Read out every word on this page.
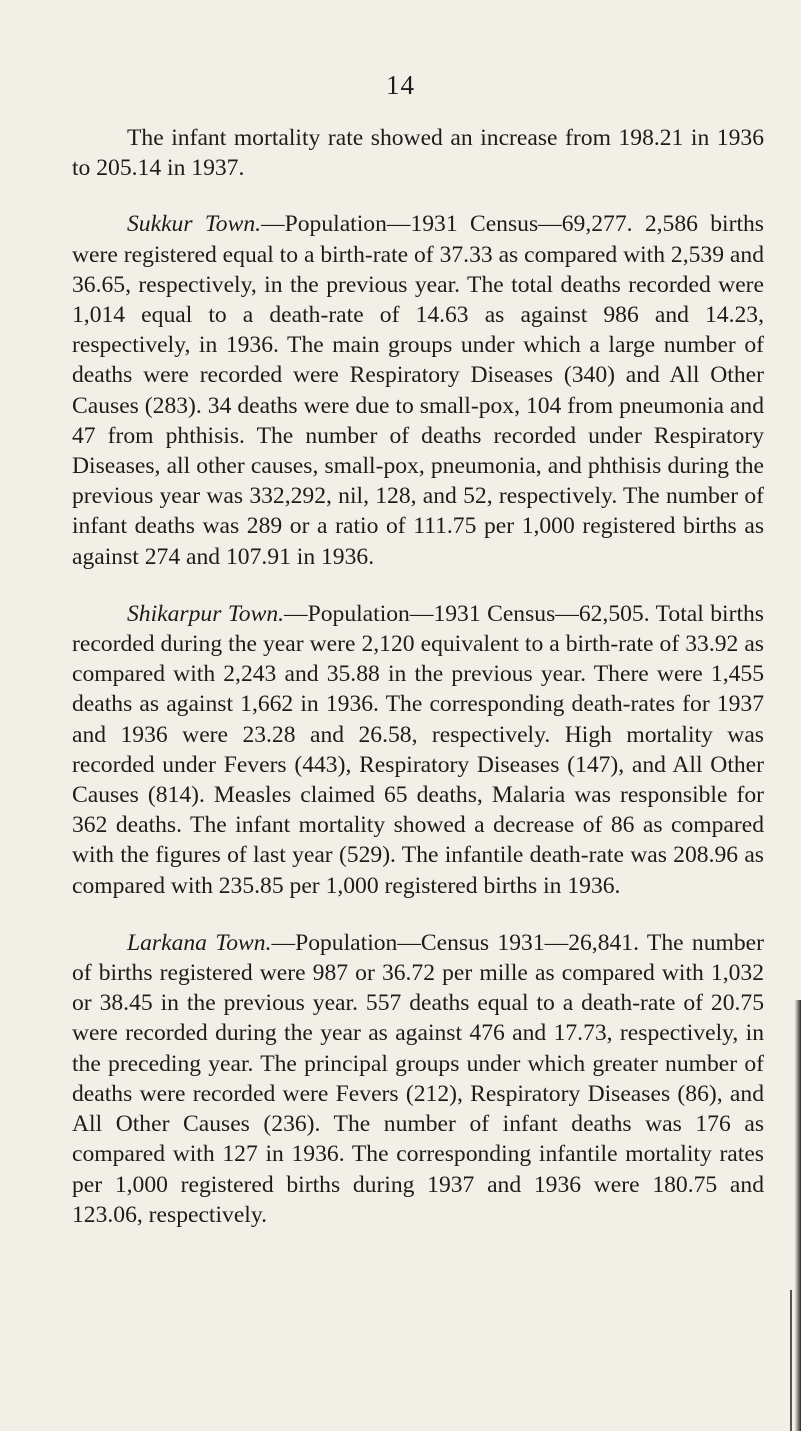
14

The infant mortality rate showed an increase from 198.21 in 1936 to 205.14 in 1937.

Sukkur Town.—Population—1931 Census—69,277. 2,586 births were registered equal to a birth-rate of 37.33 as compared with 2,539 and 36.65, respectively, in the previous year. The total deaths recorded were 1,014 equal to a death-rate of 14.63 as against 986 and 14.23, respectively, in 1936. The main groups under which a large number of deaths were recorded were Respiratory Diseases (340) and All Other Causes (283). 34 deaths were due to small-pox, 104 from pneumonia and 47 from phthisis. The number of deaths recorded under Respiratory Diseases, all other causes, small-pox, pneumonia, and phthisis during the previous year was 332,292, nil, 128, and 52, respectively. The number of infant deaths was 289 or a ratio of 111.75 per 1,000 registered births as against 274 and 107.91 in 1936.

Shikarpur Town.—Population—1931 Census—62,505. Total births recorded during the year were 2,120 equivalent to a birth-rate of 33.92 as compared with 2,243 and 35.88 in the previous year. There were 1,455 deaths as against 1,662 in 1936. The corresponding death-rates for 1937 and 1936 were 23.28 and 26.58, respectively. High mortality was recorded under Fevers (443), Respiratory Diseases (147), and All Other Causes (814). Measles claimed 65 deaths, Malaria was responsible for 362 deaths. The infant mortality showed a decrease of 86 as compared with the figures of last year (529). The infantile death-rate was 208.96 as compared with 235.85 per 1,000 registered births in 1936.

Larkana Town.—Population—Census 1931—26,841. The number of births registered were 987 or 36.72 per mille as compared with 1,032 or 38.45 in the previous year. 557 deaths equal to a death-rate of 20.75 were recorded during the year as against 476 and 17.73, respectively, in the preceding year. The principal groups under which greater number of deaths were recorded were Fevers (212), Respiratory Diseases (86), and All Other Causes (236). The number of infant deaths was 176 as compared with 127 in 1936. The corresponding infantile mortality rates per 1,000 registered births during 1937 and 1936 were 180.75 and 123.06, respectively.
